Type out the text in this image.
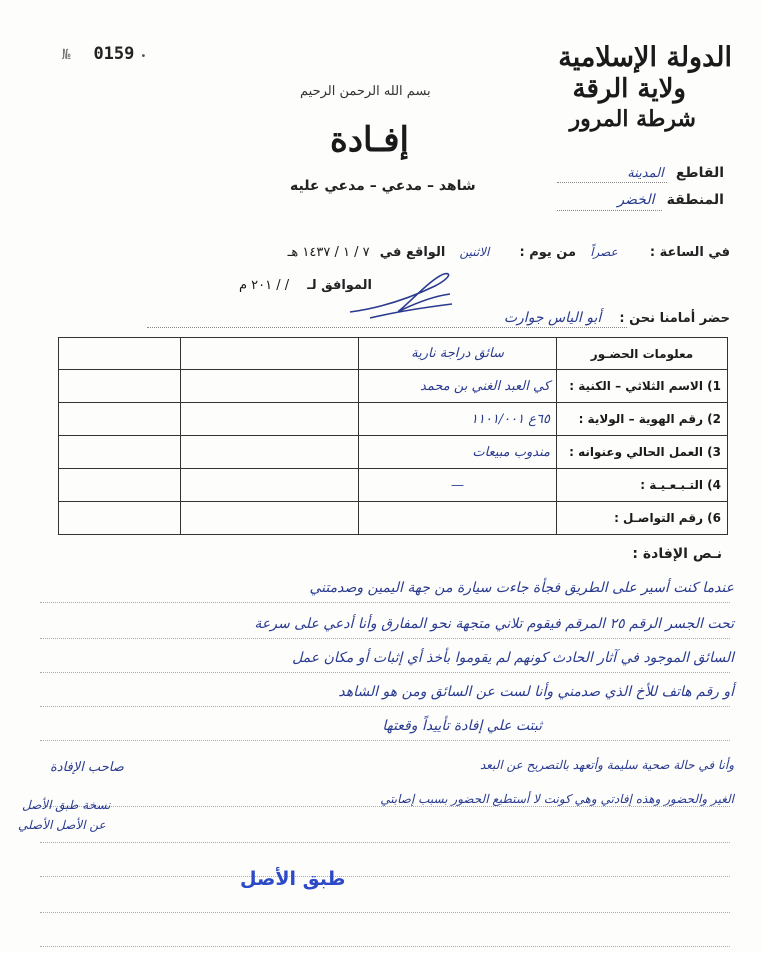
№ 0159 •	الدولة الإسلامية
ولاية الرقة
شرطة المرور
القاطع المدينة
المنطقة الخضر
بسم الله الرحمن الرحيم
إفـادة
شاهد – مدعي – مدعي عليه
في الساعة : عصراً من يوم : الاثنين الواقع في ٧ / ١ / ١٤٣٧ هـ
الموافق لـ / / ٢٠١ م
حضر أمامنا نحن : أبو الياس جوارت
معلومات الحضـور	سائق دراجة نارية		
1) الاسم الثلاثي – الكنية :	كي العبد الغني بن محمد		
2) رقم الهوية – الولاية :	٦٥ع ١١٠١/٠٠١		
3) العمل الحالي وعنوانه :	مندوب مبيعات		
4) التـبـعـيـة :	—		
6) رقم التواصـل :			
نـص الإفادة :
عندما كنت أسير على الطريق فجأة جاءت سيارة من جهة اليمين وصدمتني
تحت الجسر الرقم ٢٥ المرقم فيقوم تلاني متجهة نحو المفارق وأنا أدعي على سرعة
السائق الموجود في آثار الحادث كونهم لم يقوموا بأخذ أي إثبات أو مكان عمل
أو رقم هاتف للأخ الذي صدمني وأنا لست عن السائق ومن هو الشاهد
ثبتت علي إفادة تأييداً وقعتها
وأنا في حالة صحية سليمة وأتعهد بالتصريح عن البعد
الغير والحضور وهذه إفادتي وهي كونت لا أستطيع الحضور بسبب إصابتي
صاحب الإفادة
نسخة طبق الأصل
عن الأصل الأصلي
طبق الأصل
